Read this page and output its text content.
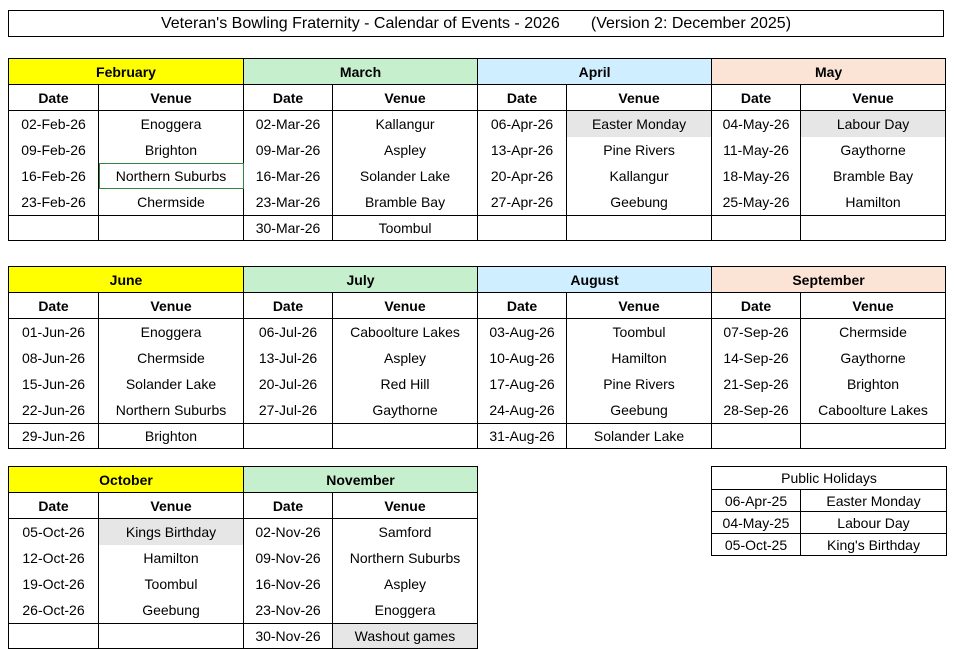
Veteran's Bowling Fraternity - Calendar of Events - 2026       (Version 2: December 2025)
February		March		April		May	
Date	Venue	Date	Venue	Date	Venue	Date	Venue
02-Feb-26	Enoggera	02-Mar-26	Kallangur	06-Apr-26	Easter Monday	04-May-26	Labour Day
09-Feb-26	Brighton	09-Mar-26	Aspley	13-Apr-26	Pine Rivers	11-May-26	Gaythorne
16-Feb-26	Northern Suburbs	16-Mar-26	Solander Lake	20-Apr-26	Kallangur	18-May-26	Bramble Bay
23-Feb-26	Chermside	23-Mar-26	Bramble Bay	27-Apr-26	Geebung	25-May-26	Hamilton
		30-Mar-26	Toombul				
June		July		August		September	
Date	Venue	Date	Venue	Date	Venue	Date	Venue
01-Jun-26	Enoggera	06-Jul-26	Caboolture Lakes	03-Aug-26	Toombul	07-Sep-26	Chermside
08-Jun-26	Chermside	13-Jul-26	Aspley	10-Aug-26	Hamilton	14-Sep-26	Gaythorne
15-Jun-26	Solander Lake	20-Jul-26	Red Hill	17-Aug-26	Pine Rivers	21-Sep-26	Brighton
22-Jun-26	Northern Suburbs	27-Jul-26	Gaythorne	24-Aug-26	Geebung	28-Sep-26	Caboolture Lakes
29-Jun-26	Brighton			31-Aug-26	Solander Lake		
October		November	
Date	Venue	Date	Venue
05-Oct-26	Kings Birthday	02-Nov-26	Samford
12-Oct-26	Hamilton	09-Nov-26	Northern Suburbs
19-Oct-26	Toombul	16-Nov-26	Aspley
26-Oct-26	Geebung	23-Nov-26	Enoggera
		30-Nov-26	Washout games
Public Holidays	
06-Apr-25	Easter Monday
04-May-25	Labour Day
05-Oct-25	King's Birthday
